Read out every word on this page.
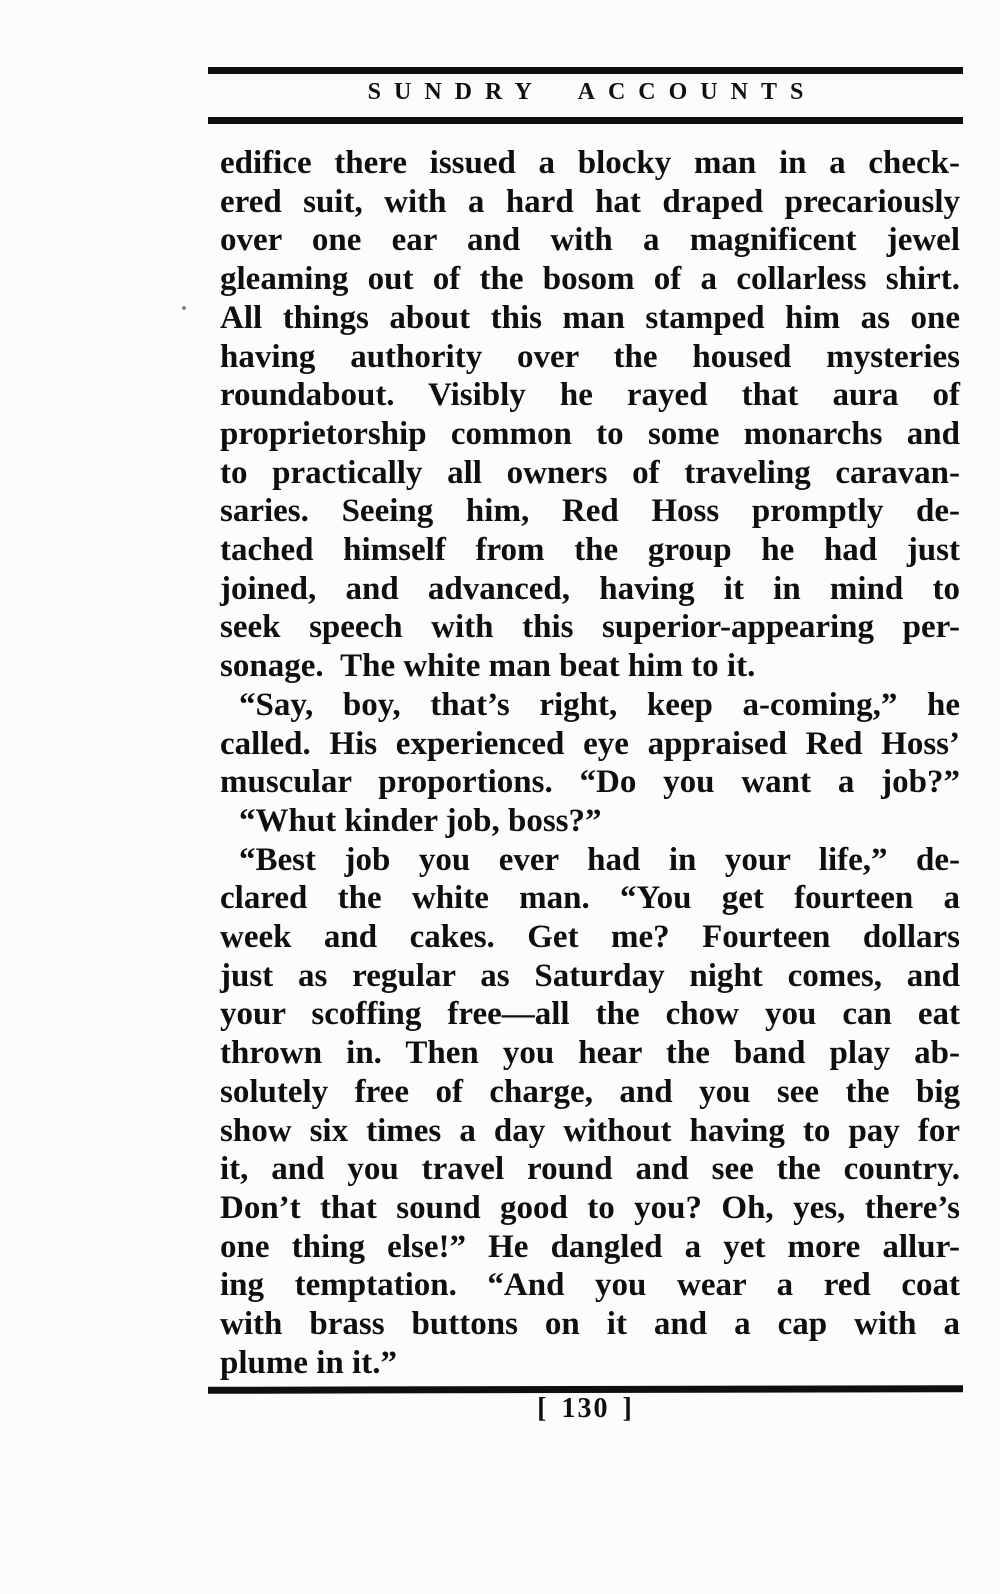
SUNDRY ACCOUNTS
edifice there issued a blocky man in a check-
ered suit, with a hard hat draped precariously
over one ear and with a magnificent jewel
gleaming out of the bosom of a collarless shirt.
All things about this man stamped him as one
having authority over the housed mysteries
roundabout. Visibly he rayed that aura of
proprietorship common to some monarchs and
to practically all owners of traveling caravan-
saries. Seeing him, Red Hoss promptly de-
tached himself from the group he had just
joined, and advanced, having it in mind to
seek speech with this superior-appearing per-
sonage. The white man beat him to it.
“Say, boy, that’s right, keep a-coming,” he
called. His experienced eye appraised Red Hoss’
muscular proportions. “Do you want a job?”
“Whut kinder job, boss?”
“Best job you ever had in your life,” de-
clared the white man. “You get fourteen a
week and cakes. Get me? Fourteen dollars
just as regular as Saturday night comes, and
your scoffing free—all the chow you can eat
thrown in. Then you hear the band play ab-
solutely free of charge, and you see the big
show six times a day without having to pay for
it, and you travel round and see the country.
Don’t that sound good to you? Oh, yes, there’s
one thing else!” He dangled a yet more allur-
ing temptation. “And you wear a red coat
with brass buttons on it and a cap with a
plume in it.”
[ 130 ]
